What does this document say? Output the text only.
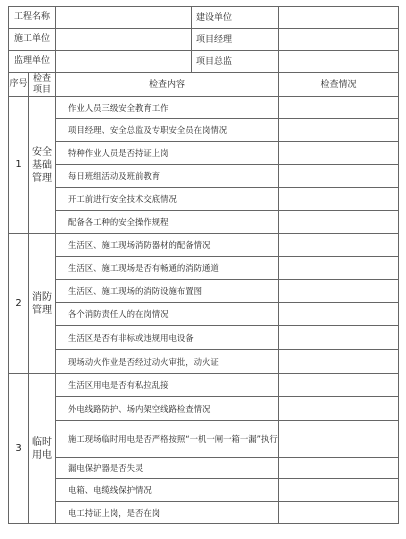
工程名称			建设单位	
施工单位			项目经理	
监理单位			项目总监	
序号	检查项目	检查内容		检查情况
1	安全基础管理	作业人员三级安全教育工作		
		项目经理、安全总监及专职安全员在岗情况		
		特种作业人员是否持证上岗		
		每日班组活动及班前教育		
		开工前进行安全技术交底情况		
		配备各工种的安全操作规程		
2	消防管理	生活区、施工现场消防器材的配备情况		
		生活区、施工现场是否有畅通的消防通道		
		生活区、施工现场的消防设施布置图		
		各个消防责任人的在岗情况		
		生活区是否有非标或违规用电设备		
		现场动火作业是否经过动火审批，动火证		
3	临时用电	生活区用电是否有私拉乱接		
		外电线路防护、场内架空线路检查情况		
		施工现场临时用电是否严格按照“一机一闸一箱一漏”执行		
		漏电保护器是否失灵		
		电箱、电缆线保护情况		
		电工持证上岗，是否在岗		
